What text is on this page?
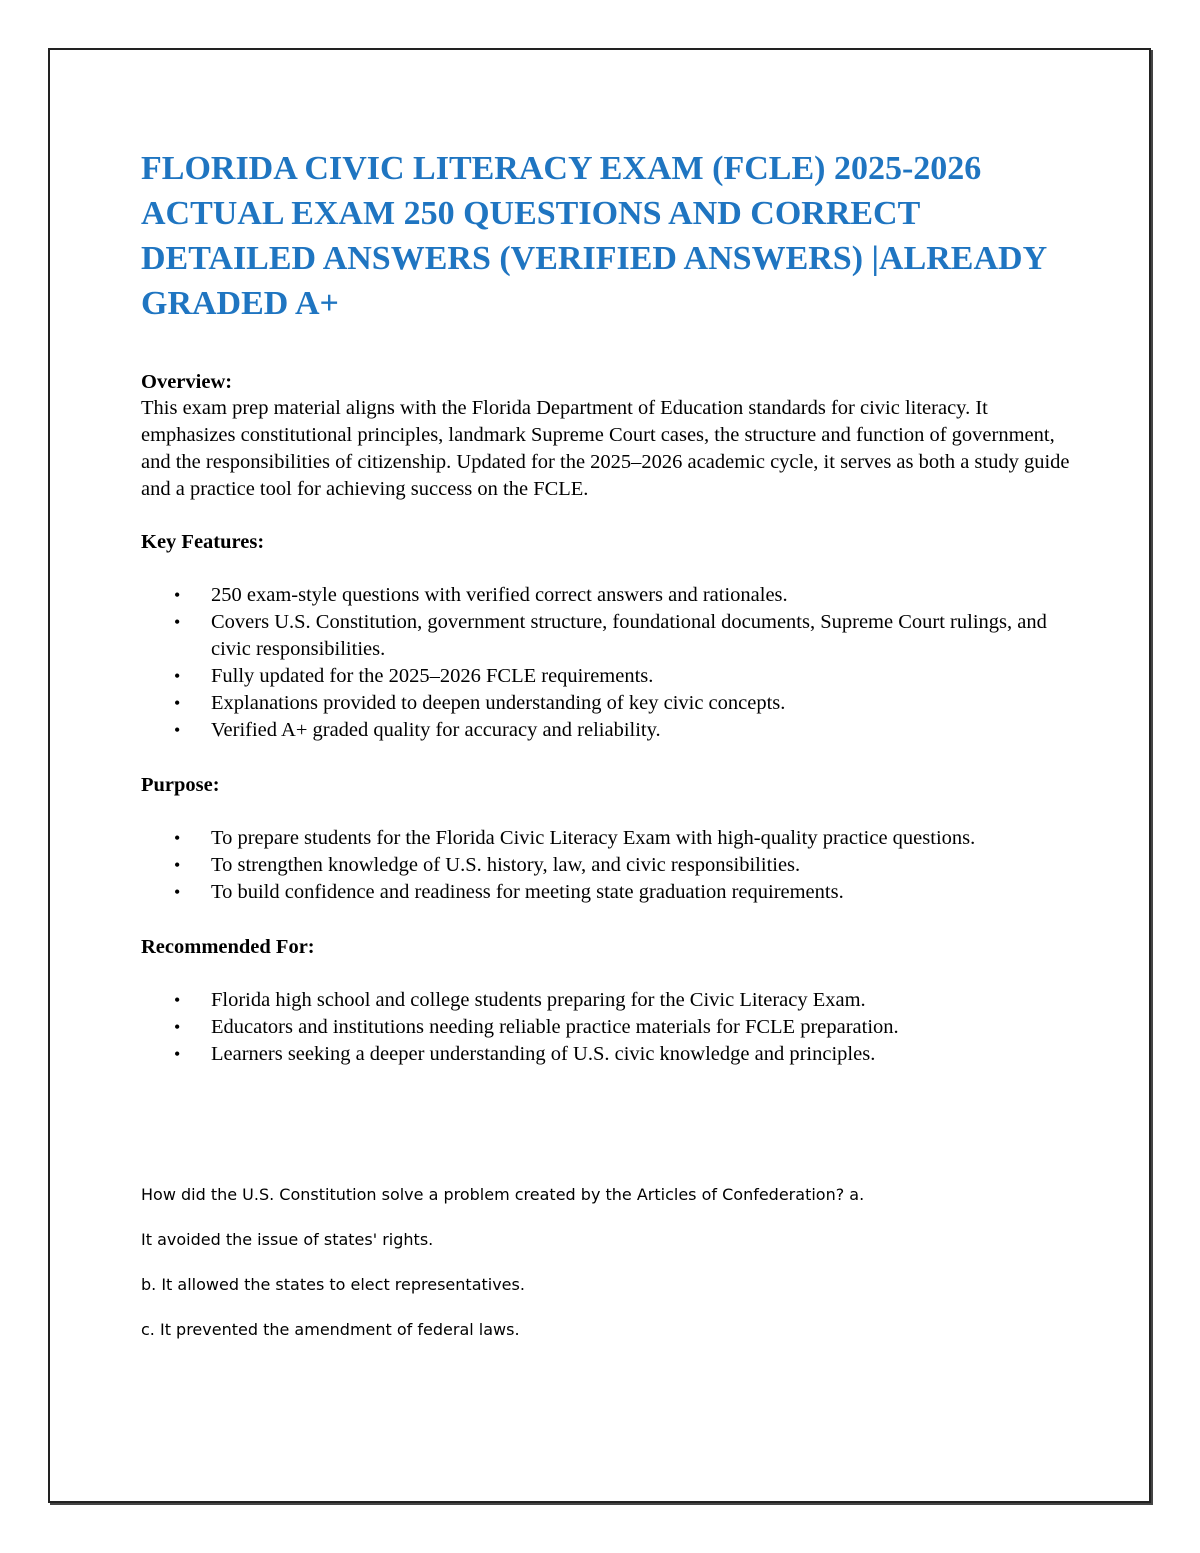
FLORIDA CIVIC LITERACY EXAM (FCLE) 2025-2026 ACTUAL EXAM 250 QUESTIONS AND CORRECT DETAILED ANSWERS (VERIFIED ANSWERS) |ALREADY GRADED A+

Overview:

This exam prep material aligns with the Florida Department of Education standards for civic literacy. It emphasizes constitutional principles, landmark Supreme Court cases, the structure and function of government, and the responsibilities of citizenship. Updated for the 2025–2026 academic cycle, it serves as both a study guide and a practice tool for achieving success on the FCLE.

Key Features:

• 250 exam-style questions with verified correct answers and rationales.
• Covers U.S. Constitution, government structure, foundational documents, Supreme Court rulings, and civic responsibilities.
• Fully updated for the 2025–2026 FCLE requirements.
• Explanations provided to deepen understanding of key civic concepts.
• Verified A+ graded quality for accuracy and reliability.

Purpose:

• To prepare students for the Florida Civic Literacy Exam with high-quality practice questions.
• To strengthen knowledge of U.S. history, law, and civic responsibilities.
• To build confidence and readiness for meeting state graduation requirements.

Recommended For:

• Florida high school and college students preparing for the Civic Literacy Exam.
• Educators and institutions needing reliable practice materials for FCLE preparation.
• Learners seeking a deeper understanding of U.S. civic knowledge and principles.

How did the U.S. Constitution solve a problem created by the Articles of Confederation? a.

It avoided the issue of states' rights.

b. It allowed the states to elect representatives.

c. It prevented the amendment of federal laws.
